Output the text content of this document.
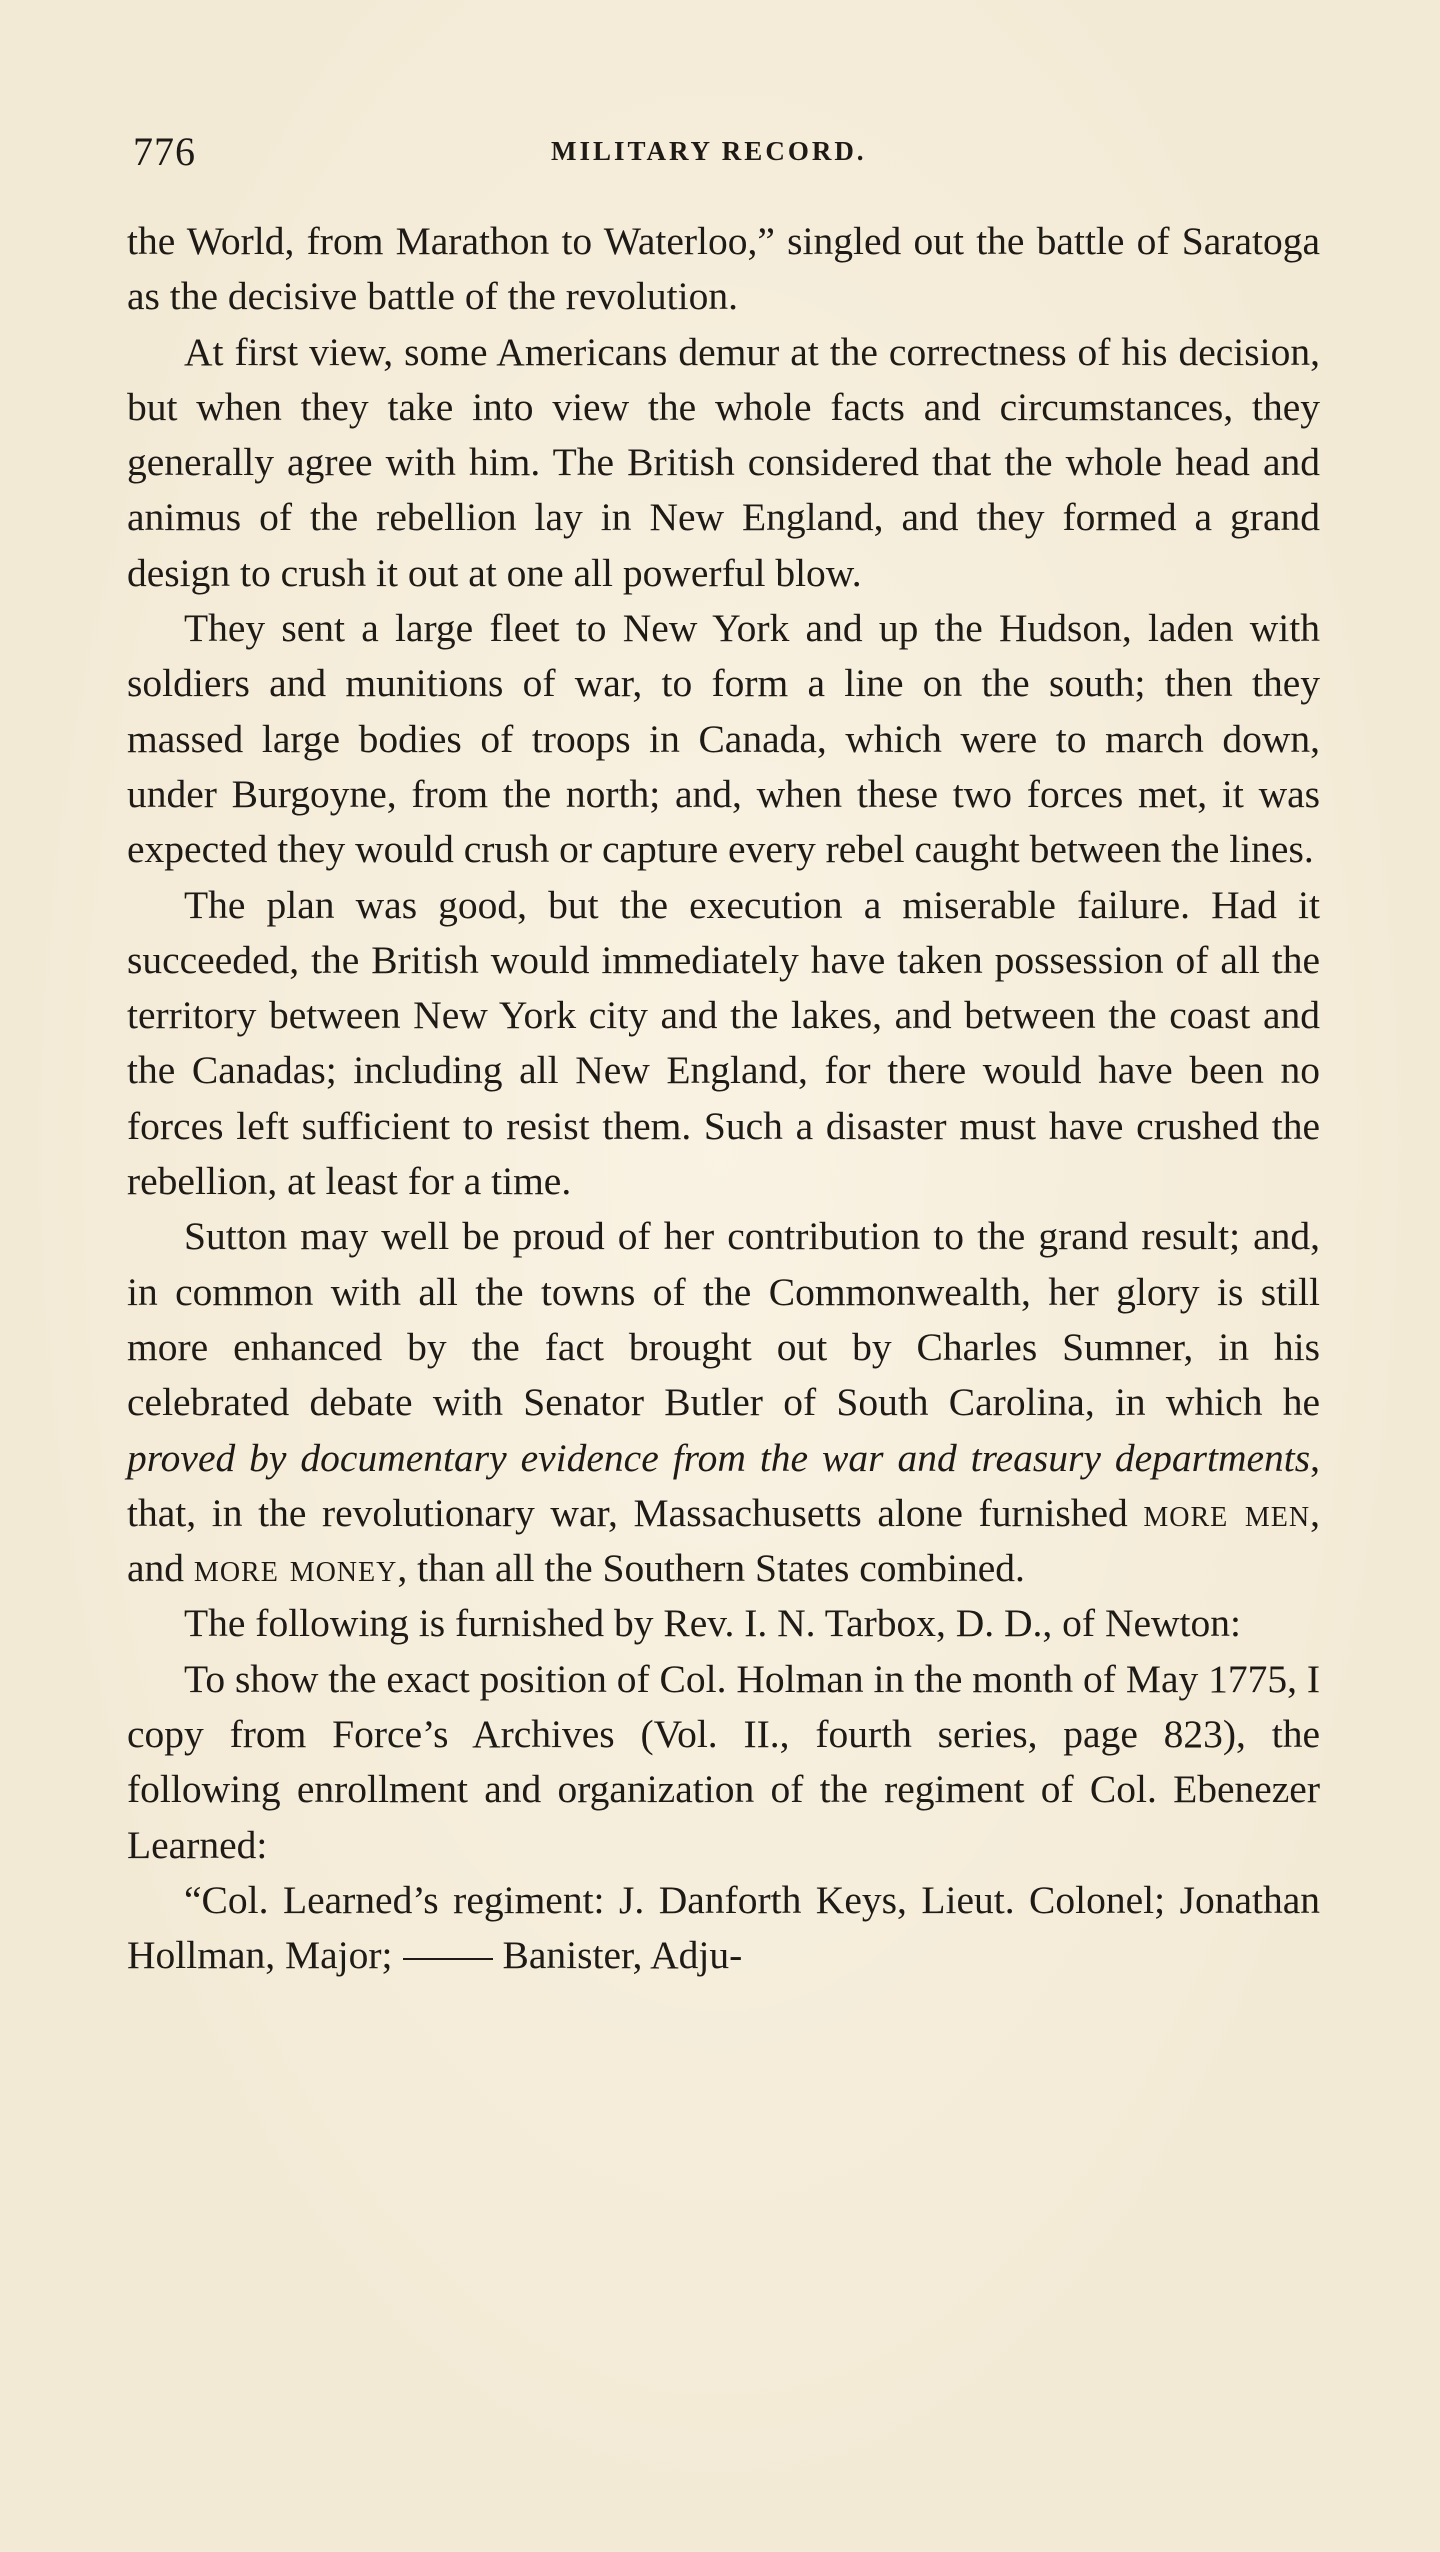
776	MILITARY RECORD.

the World, from Marathon to Waterloo,” singled out the battle of Saratoga as the decisive battle of the revolution.

At first view, some Americans demur at the correctness of his decision, but when they take into view the whole facts and circumstances, they generally agree with him. The British considered that the whole head and animus of the rebellion lay in New England, and they formed a grand design to crush it out at one all powerful blow.

They sent a large fleet to New York and up the Hudson, laden with soldiers and munitions of war, to form a line on the south; then they massed large bodies of troops in Canada, which were to march down, under Burgoyne, from the north; and, when these two forces met, it was expected they would crush or capture every rebel caught between the lines.

The plan was good, but the execution a miserable failure. Had it succeeded, the British would immediately have taken possession of all the territory between New York city and the lakes, and between the coast and the Canadas; including all New England, for there would have been no forces left sufficient to resist them. Such a disaster must have crushed the rebellion, at least for a time.

Sutton may well be proud of her contribution to the grand result; and, in common with all the towns of the Commonwealth, her glory is still more enhanced by the fact brought out by Charles Sumner, in his celebrated debate with Senator Butler of South Carolina, in which he proved by documentary evidence from the war and treasury departments, that, in the revolutionary war, Massachusetts alone furnished more men, and more money, than all the Southern States combined.

The following is furnished by Rev. I. N. Tarbox, D. D., of Newton:

To show the exact position of Col. Holman in the month of May 1775, I copy from Force’s Archives (Vol. II., fourth series, page 823), the following enrollment and organization of the regiment of Col. Ebenezer Learned:

“Col. Learned’s regiment: J. Danforth Keys, Lieut. Colonel; Jonathan Hollman, Major;	Banister, Adju-
